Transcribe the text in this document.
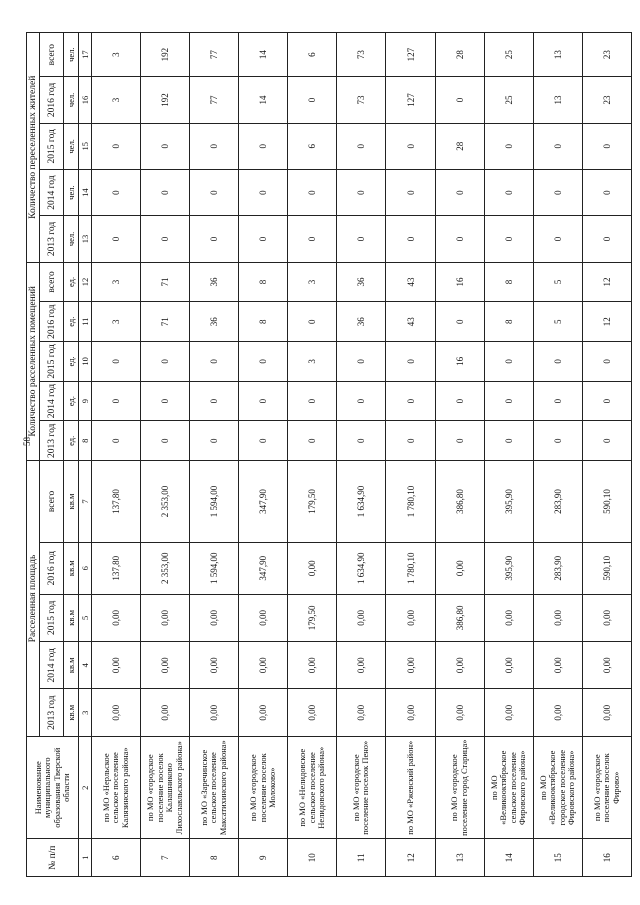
58
№ п/п	Наименование муниципального образования Тверской области	Расселенная площадь					Количество расселенных помещений					Количество переселенных жителей				
		2013 год	2014 год	2015 год	2016 год	всего	2013 год	2014 год	2015 год	2016 год	всего	2013 год	2014 год	2015 год	2016 год	всего
		кв.м	кв.м	кв.м	кв.м	кв.м	ед.	ед.	ед.	ед.	ед.	чел.	чел.	чел.	чел.	чел.
1	2	3	4	5	6	7	8	9	10	11	12	13	14	15	16	17
6	по МО «Нерльское сельское поселение Калязинского района»	0,00	0,00	0,00	137,80	137,80	0	0	0	3	3	0	0	0	3	3
7	по МО «городское поселение поселок Калашниково Лихославльского района»	0,00	0,00	0,00	2 353,00	2 353,00	0	0	0	71	71	0	0	0	192	192
8	по МО «Заречинское сельское поселение Максатихинского района»	0,00	0,00	0,00	1 594,00	1 594,00	0	0	0	36	36	0	0	0	77	77
9	по МО «городское поселение поселок Молоково»	0,00	0,00	0,00	347,90	347,90	0	0	0	8	8	0	0	0	14	14
10	по МО «Нелидовское сельское поселение Нелидовского района»	0,00	0,00	179,50	0,00	179,50	0	0	3	0	3	0	0	6	0	6
11	по МО «городское поселение поселок Пено»	0,00	0,00	0,00	1 634,90	1 634,90	0	0	0	36	36	0	0	0	73	73
12	по МО «Ржевский район»	0,00	0,00	0,00	1 780,10	1 780,10	0	0	0	43	43	0	0	0	127	127
13	по МО «городское поселение город Старица»	0,00	0,00	386,80	0,00	386,80	0	0	16	0	16	0	0	28	0	28
14	по МО «Великооктябрьское сельское поселение Фировского района»	0,00	0,00	0,00	395,90	395,90	0	0	0	8	8	0	0	0	25	25
15	по МО «Великооктябрьское городское поселение Фировского района»	0,00	0,00	0,00	283,90	283,90	0	0	0	5	5	0	0	0	13	13
16	по МО «городское поселение поселок Фирово»	0,00	0,00	0,00	590,10	590,10	0	0	0	12	12	0	0	0	23	23
